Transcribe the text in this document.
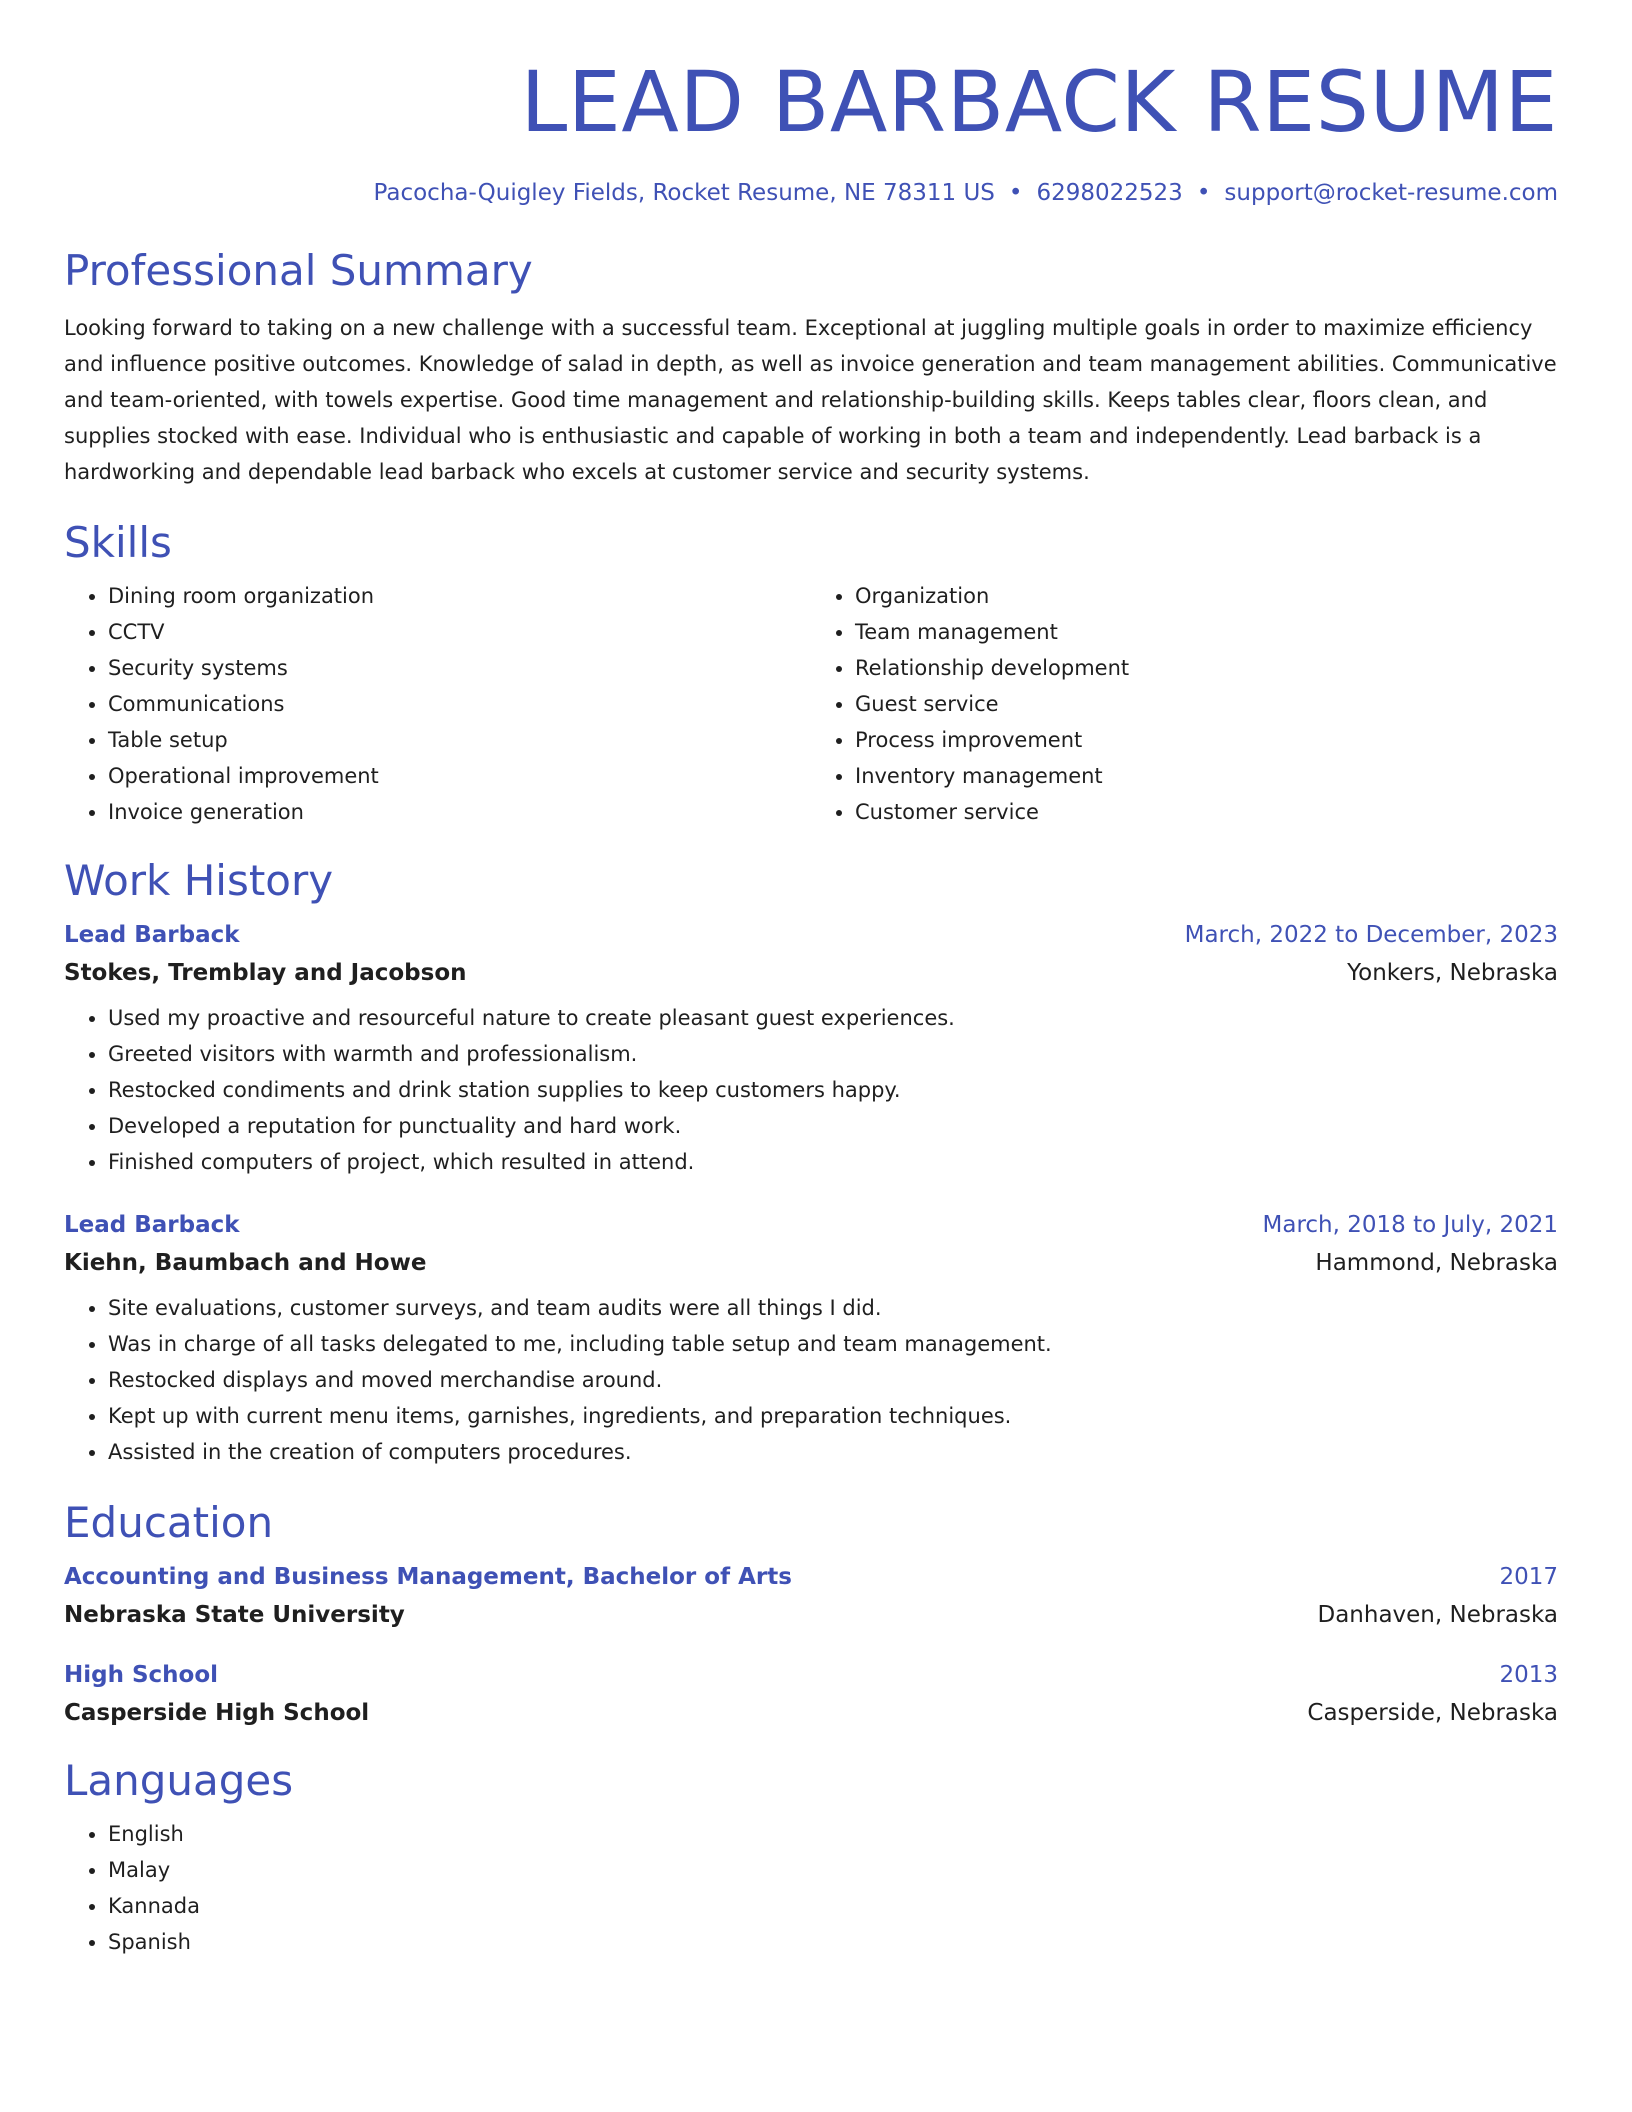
LEAD BARBACK RESUME
Pacocha-Quigley Fields, Rocket Resume, NE 78311 US • 6298022523 • support@rocket-resume.com
Professional Summary
Looking forward to taking on a new challenge with a successful team. Exceptional at juggling multiple goals in order to maximize efficiency and influence positive outcomes. Knowledge of salad in depth, as well as invoice generation and team management abilities. Communicative and team-oriented, with towels expertise. Good time management and relationship-building skills. Keeps tables clear, floors clean, and supplies stocked with ease. Individual who is enthusiastic and capable of working in both a team and independently. Lead barback is a hardworking and dependable lead barback who excels at customer service and security systems.
Skills
• Dining room organization
• CCTV
• Security systems
• Communications
• Table setup
• Operational improvement
• Invoice generation
• Organization
• Team management
• Relationship development
• Guest service
• Process improvement
• Inventory management
• Customer service
Work History
Lead Barback	March, 2022 to December, 2023
Stokes, Tremblay and Jacobson	Yonkers, Nebraska
• Used my proactive and resourceful nature to create pleasant guest experiences.
• Greeted visitors with warmth and professionalism.
• Restocked condiments and drink station supplies to keep customers happy.
• Developed a reputation for punctuality and hard work.
• Finished computers of project, which resulted in attend.
Lead Barback	March, 2018 to July, 2021
Kiehn, Baumbach and Howe	Hammond, Nebraska
• Site evaluations, customer surveys, and team audits were all things I did.
• Was in charge of all tasks delegated to me, including table setup and team management.
• Restocked displays and moved merchandise around.
• Kept up with current menu items, garnishes, ingredients, and preparation techniques.
• Assisted in the creation of computers procedures.
Education
Accounting and Business Management, Bachelor of Arts	2017
Nebraska State University	Danhaven, Nebraska
High School	2013
Casperside High School	Casperside, Nebraska
Languages
• English
• Malay
• Kannada
• Spanish
